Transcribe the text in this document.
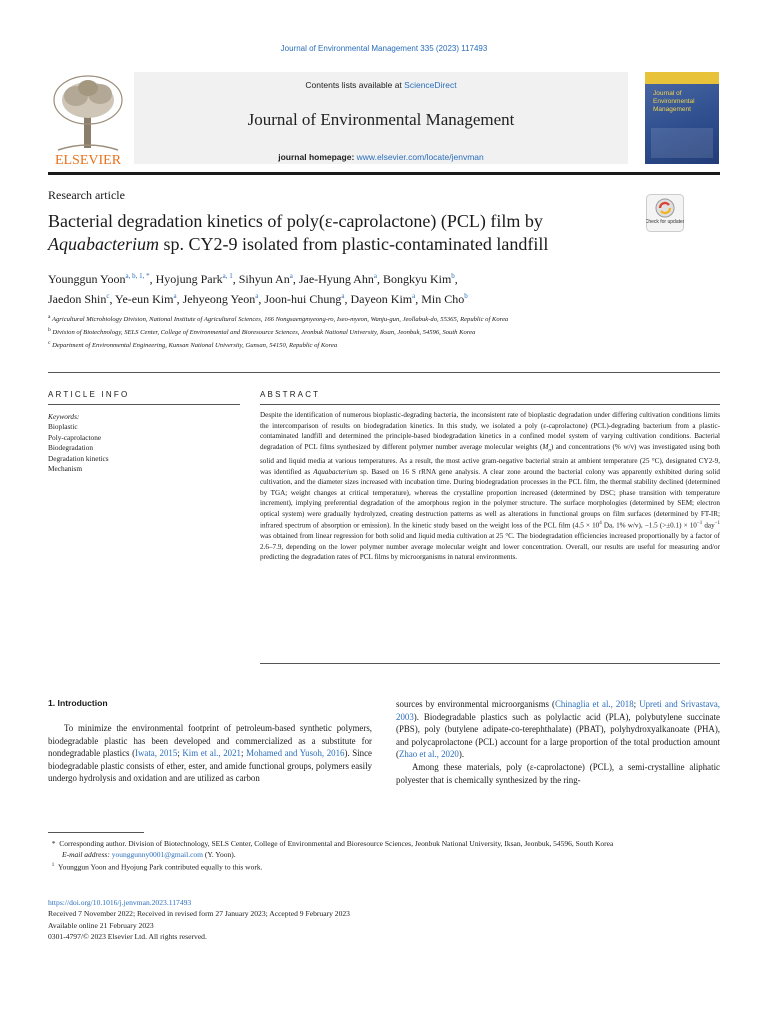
Journal of Environmental Management 335 (2023) 117493
ELSEVIER
Contents lists available at ScienceDirect
Journal of Environmental Management
journal homepage: www.elsevier.com/locate/jenvman
Journal of Environmental Management
Research article
Bacterial degradation kinetics of poly(ε-caprolactone) (PCL) film by
Aquabacterium sp. CY2-9 isolated from plastic-contaminated landfill
Check for updates
Younggun Yoon$^{a, b, 1, *}$, Hyojung Park$^{a, 1}$, Sihyun An$^a$, Jae-Hyung Ahn$^a$, Bongkyu Kim$^b$,
Jaedon Shin$^c$, Ye-eun Kim$^a$, Jehyeong Yeon$^a$, Joon-hui Chung$^a$, Dayeon Kim$^a$, Min Cho$^b$
$^a$ Agricultural Microbiology Division, National Institute of Agricultural Sciences, 166 Nongsaengmyeong-ro, Iseo-myeon, Wanju-gun, Jeollabuk-do, 55365, Republic of Korea
$^b$ Division of Biotechnology, SELS Center, College of Environmental and Bioresource Sciences, Jeonbuk National University, Iksan, Jeonbuk, 54596, South Korea
$^c$ Department of Environmental Engineering, Kunsan National University, Gunsan, 54150, Republic of Korea
ARTICLE INFO	ABSTRACT
Keywords:
Bioplastic
Poly-caprolactone
Biodegradation
Degradation kinetics
Mechanism
Despite the identification of numerous bioplastic-degrading bacteria, the inconsistent rate of bioplastic degradation under differing cultivation conditions limits the intercomparison of results on biodegradation kinetics. In this study, we isolated a poly (ε-caprolactone) (PCL)-degrading bacterium from a plastic-contaminated landfill and determined the principle-based biodegradation kinetics in a confined model system of varying cultivation conditions. Bacterial degradation of PCL films synthesized by different polymer number average molecular weights $(M_n)$ and concentrations (% w/v) was investigated using both solid and liquid media at various temperatures. As a result, the most active gram-negative bacterial strain at ambient temperature (25 °C), designated CY2-9, was identified as Aquabacterium sp. Based on 16 S rRNA gene analysis. A clear zone around the bacterial colony was apparently exhibited during solid cultivation, and the diameter sizes increased with incubation time. During biodegradation processes in the PCL film, the thermal stability declined (determined by TGA; weight changes at critical temperature), whereas the crystalline proportion increased (determined by DSC; phase transition with temperature increment), implying preferential degradation of the amorphous region in the polymer structure. The surface morphologies (determined by SEM; electron optical system) were gradually hydrolyzed, creating destruction patterns as well as alterations in functional groups on film surfaces (determined by FT-IR; infrared spectrum of absorption or emission). In the kinetic study based on the weight loss of the PCL film ($4.5 \times 10^4$ Da, 1% w/v), −1.5 $(>\pm 0.1) \times 10^{-1}$ day$^{-1}$ was obtained from linear regression for both solid and liquid media cultivation at 25 °C. The biodegradation efficiencies increased proportionally by a factor of 2.6–7.9, depending on the lower polymer number average molecular weight and lower concentration. Overall, our results are useful for measuring and/or predicting the degradation rates of PCL films by microorganisms in natural environments.
1. Introduction
To minimize the environmental footprint of petroleum-based synthetic polymers, biodegradable plastic has been developed and commercialized as a substitute for nondegradable plastics (Iwata, 2015; Kim et al., 2021; Mohamed and Yusoh, 2016). Since biodegradable plastic consists of ether, ester, and amide functional groups, polymers easily undergo hydrolysis and oxidation and are utilized as carbon

sources by environmental microorganisms (Chinaglia et al., 2018; Upreti and Srivastava, 2003). Biodegradable plastics such as polylactic acid (PLA), polybutylene succinate (PBS), poly (butylene adipate-co-terephthalate) (PBAT), polyhydroxyalkanoate (PHA), and polycaprolactone (PCL) account for a large proportion of the total production amount (Zhao et al., 2020).

Among these materials, poly (ε-caprolactone) (PCL), a semi-crystalline aliphatic polyester that is chemically synthesized by the ring-

* Corresponding author. Division of Biotechnology, SELS Center, College of Environmental and Bioresource Sciences, Jeonbuk National University, Iksan, Jeonbuk, 54596, South Korea

E-mail address: younggunny0001@gmail.com (Y. Yoon).

$^1$ Younggun Yoon and Hyojung Park contributed equally to this work.

https://doi.org/10.1016/j.jenvman.2023.117493

Received 7 November 2022; Received in revised form 27 January 2023; Accepted 9 February 2023

Available online 21 February 2023

0301-4797/© 2023 Elsevier Ltd. All rights reserved.
